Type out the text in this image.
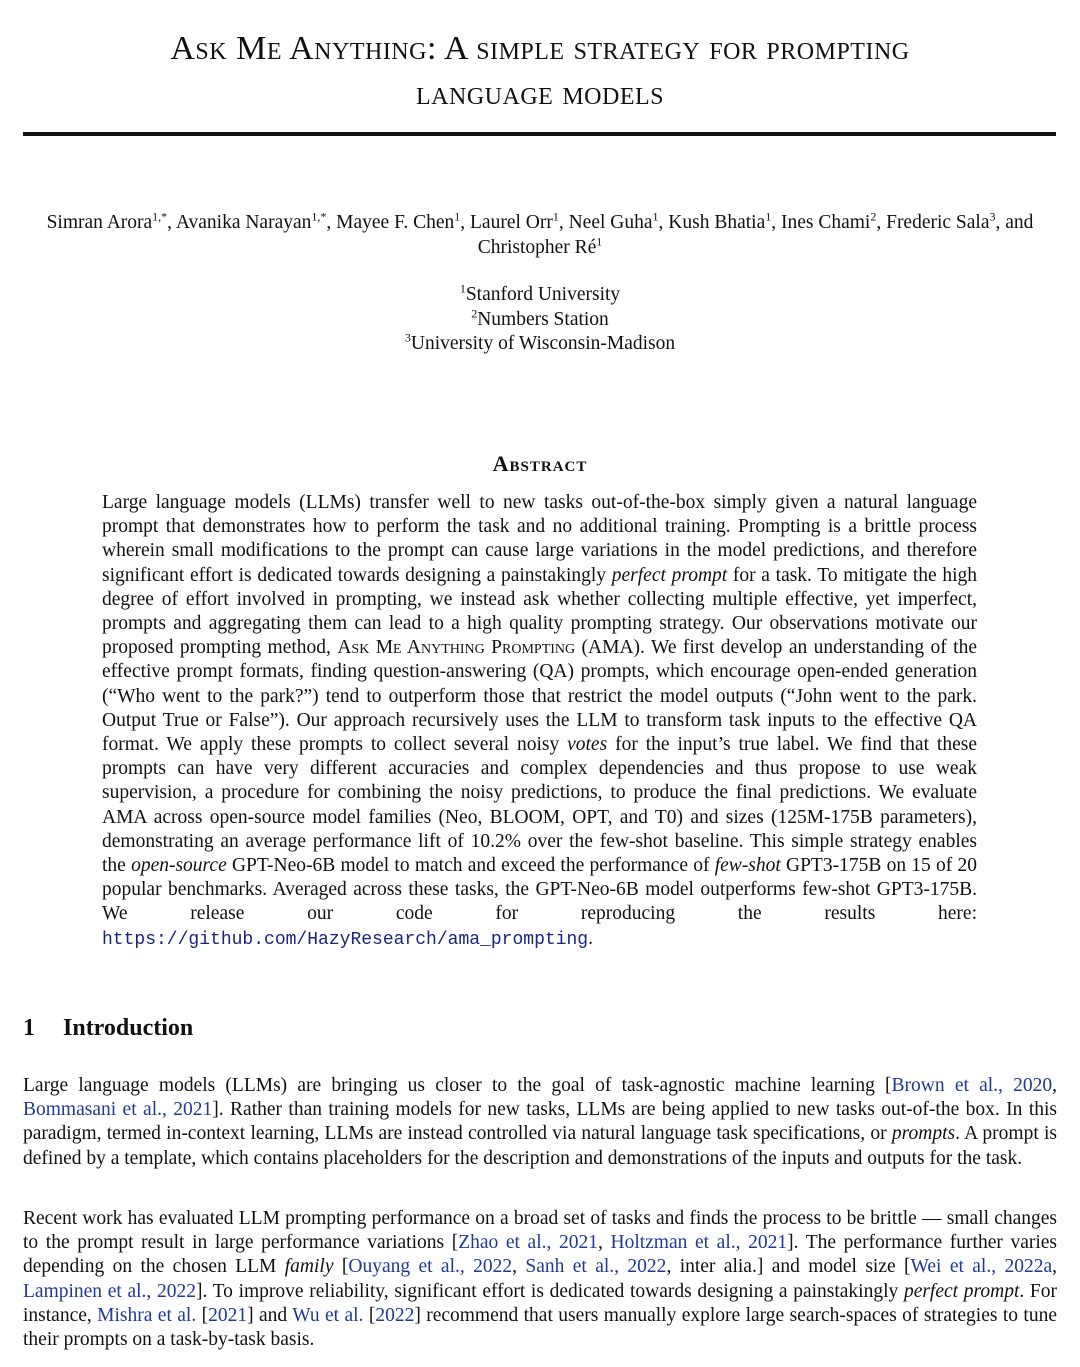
Ask Me Anything: A simple strategy for prompting
language models
Simran Arora$^{1,*}$, Avanika Narayan$^{1,*}$, Mayee F. Chen$^1$, Laurel Orr$^1$, Neel Guha$^1$, Kush Bhatia$^1$, Ines Chami$^2$, Frederic Sala$^3$, and Christopher $Ré^1$
$^1$Stanford University
$^2$Numbers Station
$^3$University of Wisconsin-Madison
Abstract
Large language models (LLMs) transfer well to new tasks out-of-the-box simply given a natural language prompt that demonstrates how to perform the task and no additional training. Prompting is a brittle process wherein small modifications to the prompt can cause large variations in the model predictions, and therefore significant effort is dedicated towards designing a painstakingly perfect prompt for a task. To mitigate the high degree of effort involved in prompting, we instead ask whether collecting multiple effective, yet imperfect, prompts and aggregating them can lead to a high quality prompting strategy. Our observations motivate our proposed prompting method, Ask Me Anything Prompting (AMA). We first develop an understanding of the effective prompt formats, finding question-answering (QA) prompts, which encourage open-ended generation (“Who went to the park?”) tend to outperform those that restrict the model outputs (“John went to the park. Output True or False”). Our approach recursively uses the LLM to transform task inputs to the effective QA format. We apply these prompts to collect several noisy votes for the input’s true label. We find that these prompts can have very different accuracies and complex dependencies and thus propose to use weak supervision, a procedure for combining the noisy predictions, to produce the final predictions. We evaluate AMA across open-source model families (Neo, BLOOM, OPT, and T0) and sizes (125M-175B parameters), demonstrating an average performance lift of 10.2% over the few-shot baseline. This simple strategy enables the open-source GPT-Neo-6B model to match and exceed the performance of few-shot GPT3-175B on 15 of 20 popular benchmarks. Averaged across these tasks, the GPT-Neo-6B model outperforms few-shot GPT3-175B. We release our code for reproducing the results here: https://github.com/HazyResearch/ama_prompting.
1 Introduction
Large language models (LLMs) are bringing us closer to the goal of task-agnostic machine learning [Brown et al., 2020, Bommasani et al., 2021]. Rather than training models for new tasks, LLMs are being applied to new tasks out-of-the box. In this paradigm, termed in-context learning, LLMs are instead controlled via natural language task specifications, or prompts. A prompt is defined by a template, which contains placeholders for the description and demonstrations of the inputs and outputs for the task.
Recent work has evaluated LLM prompting performance on a broad set of tasks and finds the process to be brittle — small changes to the prompt result in large performance variations [Zhao et al., 2021, Holtzman et al., 2021]. The performance further varies depending on the chosen LLM family [Ouyang et al., 2022, Sanh et al., 2022, inter alia.] and model size [Wei et al., 2022a, Lampinen et al., 2022]. To improve reliability, significant effort is dedicated towards designing a painstakingly perfect prompt. For instance, Mishra et al. [2021] and Wu et al. [2022] recommend that users manually explore large search-spaces of strategies to tune their prompts on a task-by-task basis.
